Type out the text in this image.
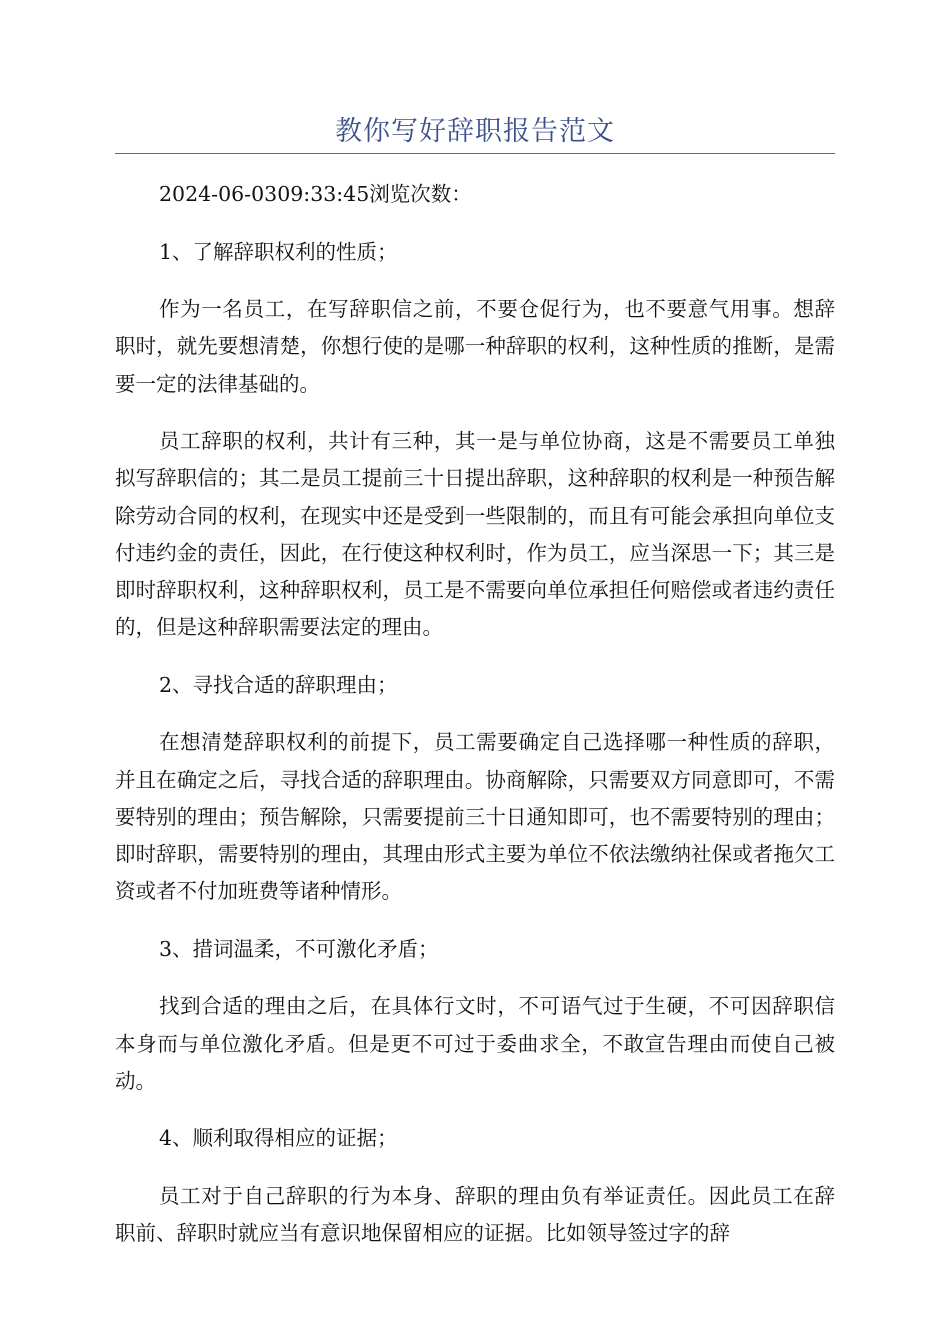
教你写好辞职报告范文

2024-06-0309:33:45浏览次数：

1、了解辞职权利的性质；

作为一名员工，在写辞职信之前，不要仓促行为，也不要意气用事。想辞职时，就先要想清楚，你想行使的是哪一种辞职的权利，这种性质的推断，是需要一定的法律基础的。

员工辞职的权利，共计有三种，其一是与单位协商，这是不需要员工单独拟写辞职信的；其二是员工提前三十日提出辞职，这种辞职的权利是一种预告解除劳动合同的权利，在现实中还是受到一些限制的，而且有可能会承担向单位支付违约金的责任，因此，在行使这种权利时，作为员工，应当深思一下；其三是即时辞职权利，这种辞职权利，员工是不需要向单位承担任何赔偿或者违约责任的，但是这种辞职需要法定的理由。

2、寻找合适的辞职理由；

在想清楚辞职权利的前提下，员工需要确定自己选择哪一种性质的辞职，并且在确定之后，寻找合适的辞职理由。协商解除，只需要双方同意即可，不需要特别的理由；预告解除，只需要提前三十日通知即可，也不需要特别的理由；即时辞职，需要特别的理由，其理由形式主要为单位不依法缴纳社保或者拖欠工资或者不付加班费等诸种情形。

3、措词温柔，不可激化矛盾；

找到合适的理由之后，在具体行文时，不可语气过于生硬，不可因辞职信本身而与单位激化矛盾。但是更不可过于委曲求全，不敢宣告理由而使自己被动。

4、顺利取得相应的证据；

员工对于自己辞职的行为本身、辞职的理由负有举证责任。因此员工在辞职前、辞职时就应当有意识地保留相应的证据。比如领导签过字的辞
